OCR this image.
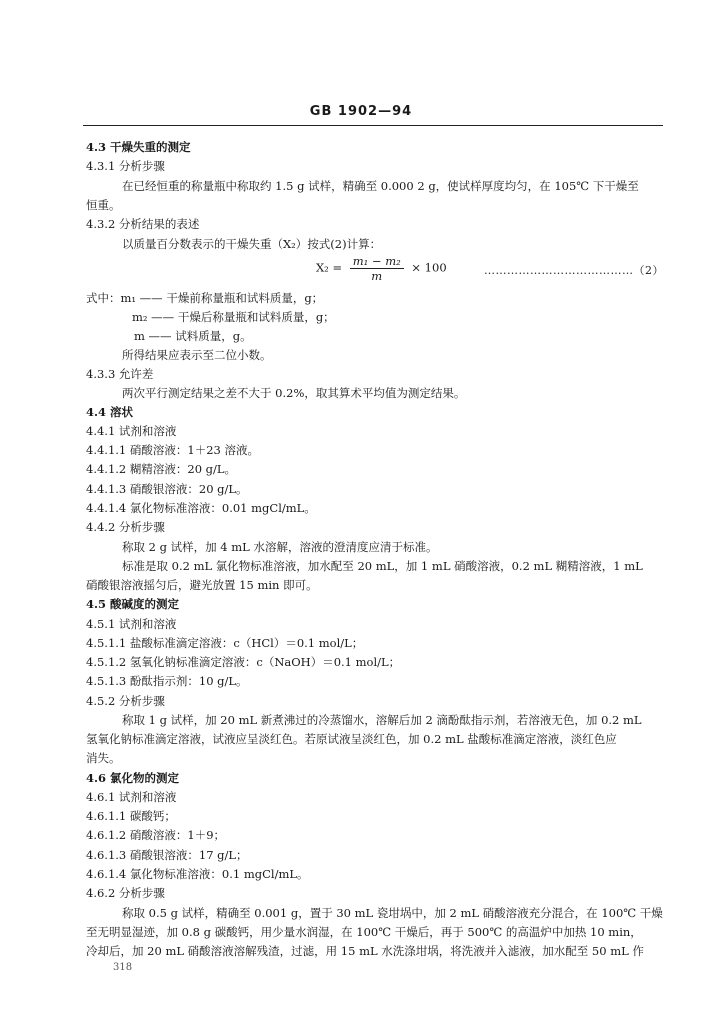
GB 1902—94
4.3 干燥失重的测定
4.3.1 分析步骤
在已经恒重的称量瓶中称取约 1.5 g 试样，精确至 0.000 2 g，使试样厚度均匀，在 105℃ 下干燥至
恒重。
4.3.2 分析结果的表述
以质量百分数表示的干燥失重（X₂）按式(2)计算：
$X_2 = \frac{\text{m₁ − m₂}}{m} \times 100$	…………………………………（2）
式中：m₁ —— 干燥前称量瓶和试料质量，g；
m₂ —— 干燥后称量瓶和试料质量，g；
m —— 试料质量，g。
所得结果应表示至二位小数。
4.3.3 允许差
两次平行测定结果之差不大于 0.2%，取其算术平均值为测定结果。
4.4 溶状
4.4.1 试剂和溶液
4.4.1.1 硝酸溶液：1＋23 溶液。
4.4.1.2 糊精溶液：20 g/L。
4.4.1.3 硝酸银溶液：20 g/L。
4.4.1.4 氯化物标准溶液：0.01 mgCl/mL。
4.4.2 分析步骤
称取 2 g 试样，加 4 mL 水溶解，溶液的澄清度应清于标准。
标准是取 0.2 mL 氯化物标准溶液，加水配至 20 mL，加 1 mL 硝酸溶液，0.2 mL 糊精溶液，1 mL
硝酸银溶液摇匀后，避光放置 15 min 即可。
4.5 酸碱度的测定
4.5.1 试剂和溶液
4.5.1.1 盐酸标准滴定溶液：c（HCl）＝0.1 mol/L；
4.5.1.2 氢氧化钠标准滴定溶液：c（NaOH）＝0.1 mol/L；
4.5.1.3 酚酞指示剂：10 g/L。
4.5.2 分析步骤
称取 1 g 试样，加 20 mL 新煮沸过的冷蒸馏水，溶解后加 2 滴酚酞指示剂，若溶液无色，加 0.2 mL
氢氧化钠标准滴定溶液，试液应呈淡红色。若原试液呈淡红色，加 0.2 mL 盐酸标准滴定溶液，淡红色应
消失。
4.6 氯化物的测定
4.6.1 试剂和溶液
4.6.1.1 碳酸钙；
4.6.1.2 硝酸溶液：1＋9；
4.6.1.3 硝酸银溶液：17 g/L；
4.6.1.4 氯化物标准溶液：0.1 mgCl/mL。
4.6.2 分析步骤
称取 0.5 g 试样，精确至 0.001 g，置于 30 mL 瓷坩埚中，加 2 mL 硝酸溶液充分混合，在 100℃ 干燥
至无明显湿迹，加 0.8 g 碳酸钙，用少量水润湿，在 100℃ 干燥后，再于 500℃ 的高温炉中加热 10 min，
冷却后，加 20 mL 硝酸溶液溶解残渣，过滤，用 15 mL 水洗涤坩埚，将洗液并入滤液，加水配至 50 mL 作
318
